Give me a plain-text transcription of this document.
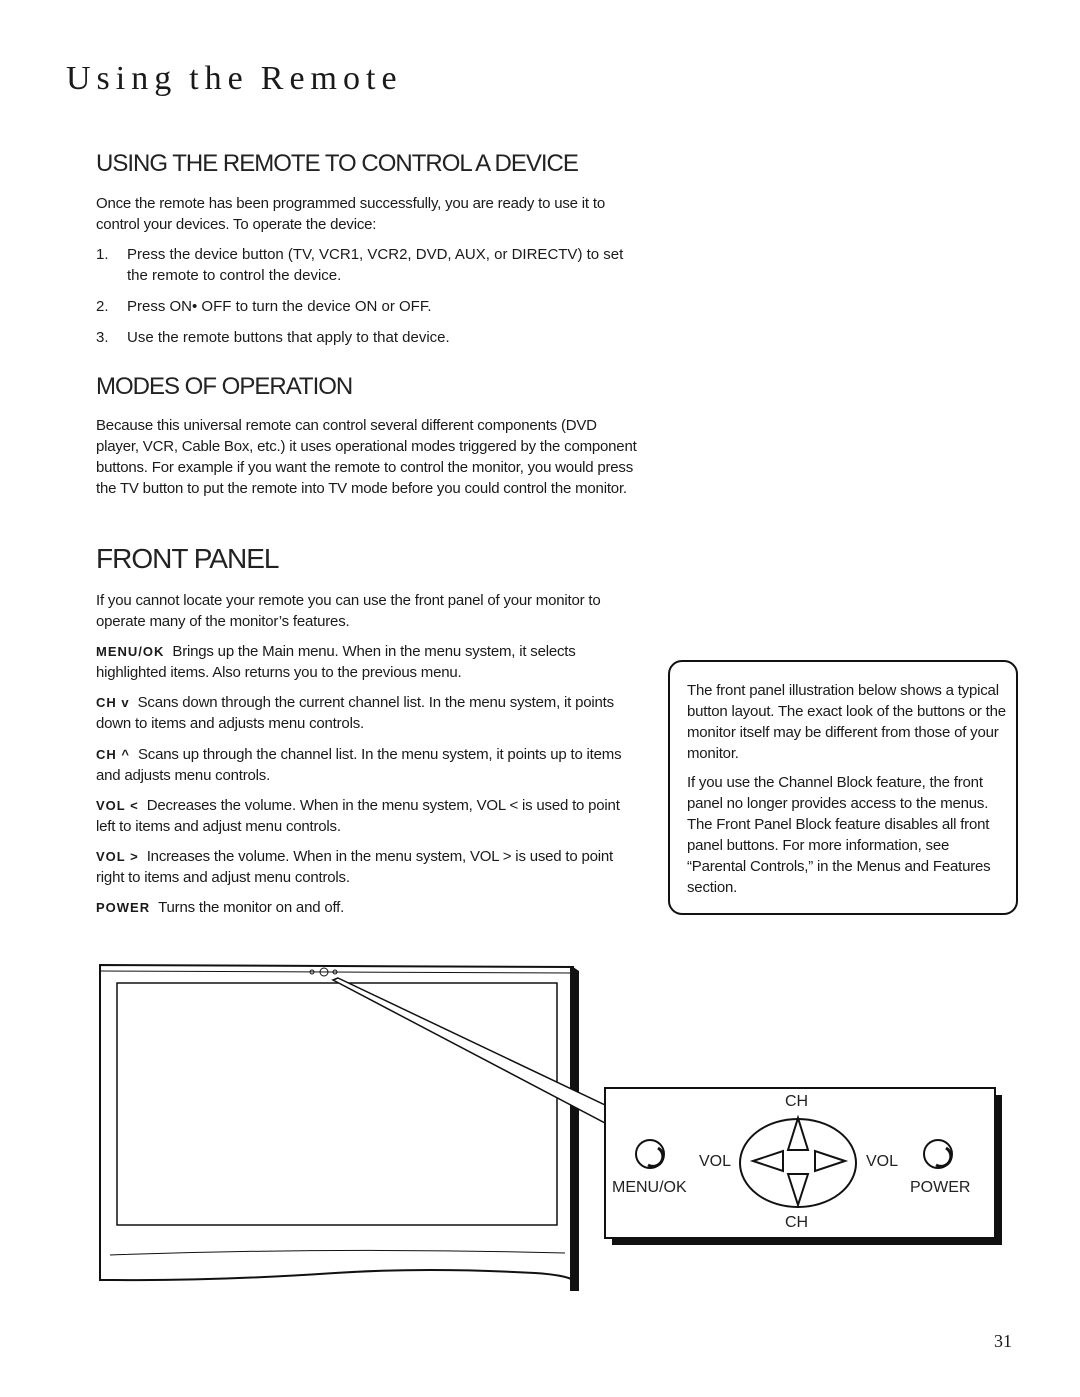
Using the Remote
USING THE REMOTE TO CONTROL A DEVICE

Once the remote has been programmed successfully, you are ready to use it to control your devices. To operate the device:

1. Press the device button (TV, VCR1, VCR2, DVD, AUX, or DIRECTV) to set the remote to control the device.
2. Press ON• OFF to turn the device ON or OFF.
3. Use the remote buttons that apply to that device.
MODES OF OPERATION

Because this universal remote can control several different components (DVD player, VCR, Cable Box, etc.) it uses operational modes triggered by the component buttons. For example if you want the remote to control the monitor, you would press the TV button to put the remote into TV mode before you could control the monitor.

FRONT PANEL

If you cannot locate your remote you can use the front panel of your monitor to operate many of the monitor’s features.

MENU/OK Brings up the Main menu. When in the menu system, it selects highlighted items. Also returns you to the previous menu.

CH v Scans down through the current channel list. In the menu system, it points down to items and adjusts menu controls.

CH ^ Scans up through the channel list. In the menu system, it points up to items and adjusts menu controls.

VOL < Decreases the volume. When in the menu system, VOL < is used to point left to items and adjust menu controls.

VOL > Increases the volume. When in the menu system, VOL > is used to point right to items and adjust menu controls.

POWER Turns the monitor on and off.

The front panel illustration below shows a typical button layout. The exact look of the buttons or the monitor itself may be different from those of your monitor.

If you use the Channel Block feature, the front panel no longer provides access to the menus. The Front Panel Block feature disables all front panel buttons. For more information, see “Parental Controls,” in the Menus and Features section.

CH
VOL	VOL
MENU/OK	POWER
CH
31
